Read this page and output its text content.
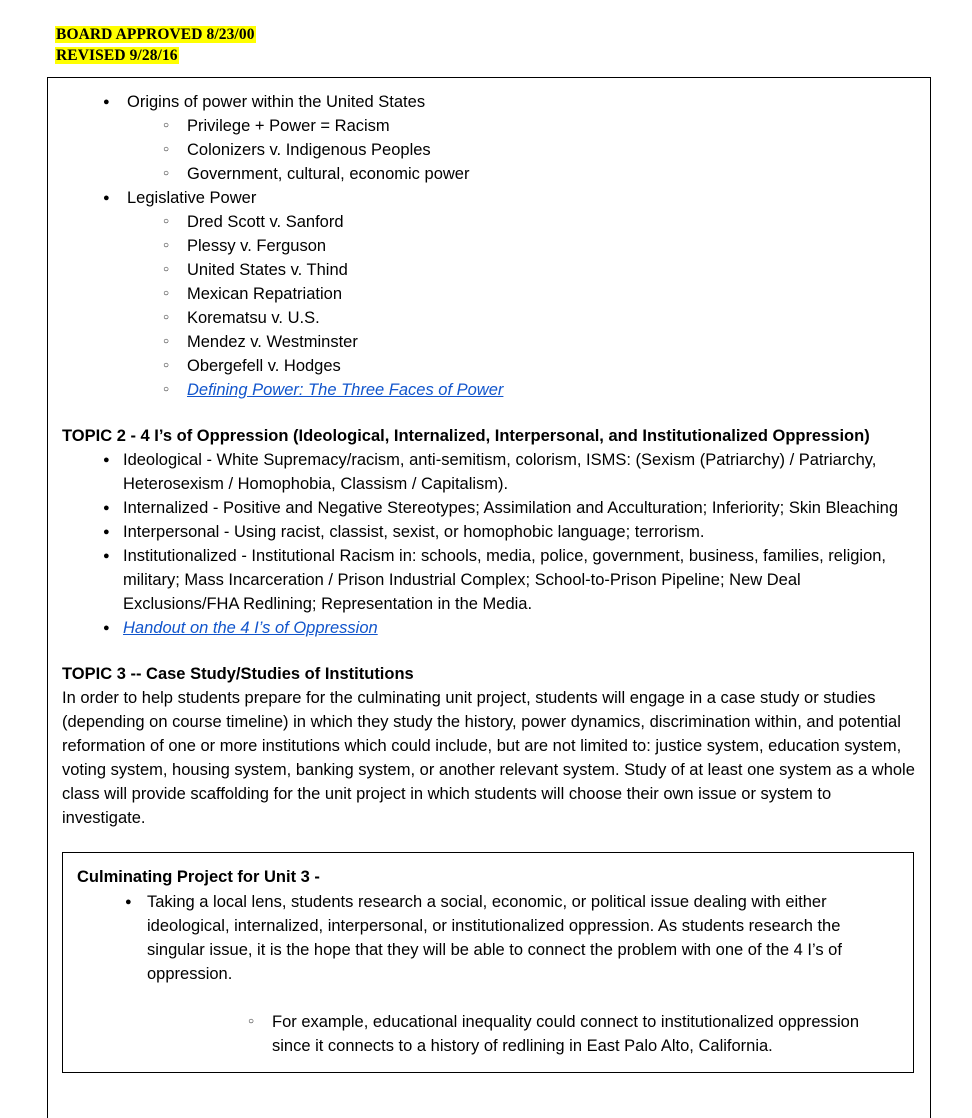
BOARD APPROVED 8/23/00
REVISED 9/28/16
● Origins of power within the United States
○ Privilege + Power = Racism
○ Colonizers v. Indigenous Peoples
○ Government, cultural, economic power
● Legislative Power
○ Dred Scott v. Sanford
○ Plessy v. Ferguson
○ United States v. Thind
○ Mexican Repatriation
○ Korematsu v. U.S.
○ Mendez v. Westminster
○ Obergefell v. Hodges
○ Defining Power: The Three Faces of Power
TOPIC 2 - 4 I’s of Oppression (Ideological, Internalized, Interpersonal, and Institutionalized Oppression)
● Ideological - White Supremacy/racism, anti-semitism, colorism, ISMS: (Sexism (Patriarchy) / Patriarchy, Heterosexism / Homophobia, Classism / Capitalism).
● Internalized - Positive and Negative Stereotypes; Assimilation and Acculturation; Inferiority; Skin Bleaching
● Interpersonal - Using racist, classist, sexist, or homophobic language; terrorism.
● Institutionalized - Institutional Racism in: schools, media, police, government, business, families, religion, military; Mass Incarceration / Prison Industrial Complex; School-to-Prison Pipeline; New Deal Exclusions/FHA Redlining; Representation in the Media.
● Handout on the 4 I’s of Oppression
TOPIC 3 -- Case Study/Studies of Institutions

In order to help students prepare for the culminating unit project, students will engage in a case study or studies (depending on course timeline) in which they study the history, power dynamics, discrimination within, and potential reformation of one or more institutions which could include, but are not limited to: justice system, education system, voting system, housing system, banking system, or another relevant system. Study of at least one system as a whole class will provide scaffolding for the unit project in which students will choose their own issue or system to investigate.

Culminating Project for Unit 3 -
● Taking a local lens, students research a social, economic, or political issue dealing with either ideological, internalized, interpersonal, or institutionalized oppression. As students research the singular issue, it is the hope that they will be able to connect the problem with one of the 4 I’s of oppression.
○ For example, educational inequality could connect to institutionalized oppression since it connects to a history of redlining in East Palo Alto, California.
